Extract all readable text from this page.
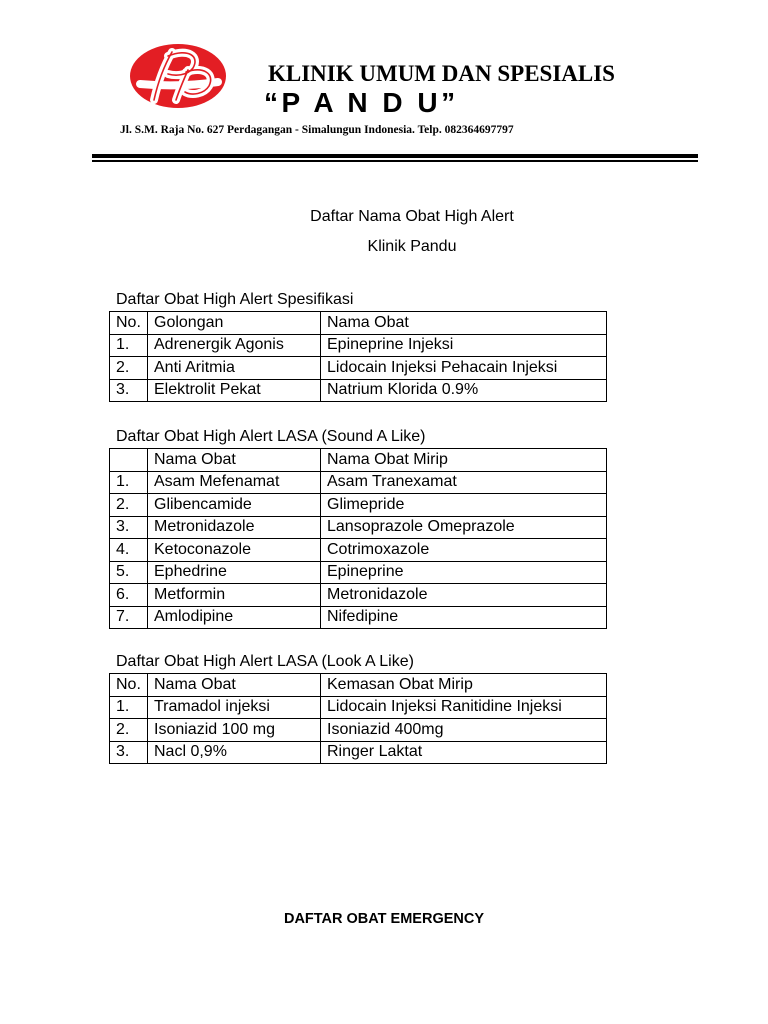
KLINIK UMUM DAN SPESIALIS
“P A N D U”
Jl. S.M. Raja No. 627 Perdagangan - Simalungun Indonesia. Telp. 082364697797
Daftar Nama Obat High Alert
Klinik Pandu
Daftar Obat High Alert Spesifikasi
No.	Golongan	Nama Obat
1.	Adrenergik Agonis	Epineprine Injeksi
2.	Anti Aritmia	Lidocain Injeksi Pehacain Injeksi
3.	Elektrolit Pekat	Natrium Klorida 0.9%
Daftar Obat High Alert LASA (Sound A Like)
	Nama Obat	Nama Obat Mirip
1.	Asam Mefenamat	Asam Tranexamat
2.	Glibencamide	Glimepride
3.	Metronidazole	Lansoprazole Omeprazole
4.	Ketoconazole	Cotrimoxazole
5.	Ephedrine	Epineprine
6.	Metformin	Metronidazole
7.	Amlodipine	Nifedipine
Daftar Obat High Alert LASA (Look A Like)
No.	Nama Obat	Kemasan Obat Mirip
1.	Tramadol injeksi	Lidocain Injeksi Ranitidine Injeksi
2.	Isoniazid 100 mg	Isoniazid 400mg
3.	Nacl 0,9%	Ringer Laktat
DAFTAR OBAT EMERGENCY
